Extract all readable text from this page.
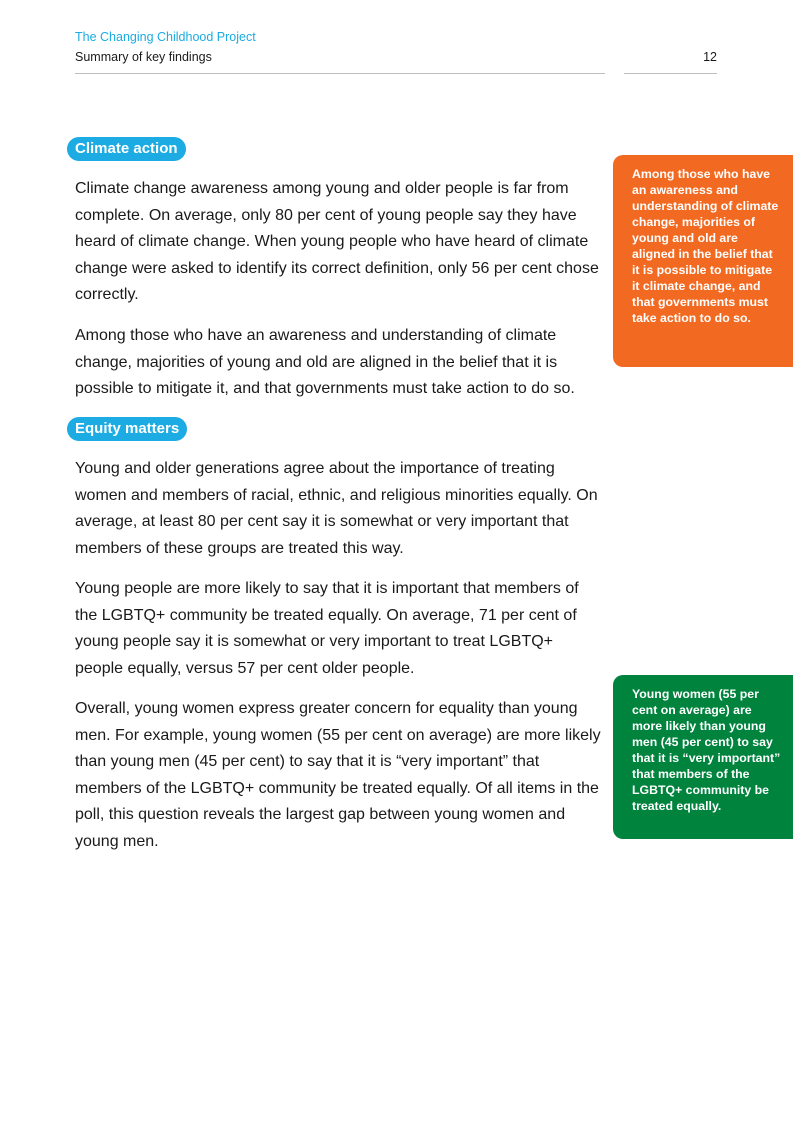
The Changing Childhood Project
Summary of key findings	12
Climate action

Climate change awareness among young and older people is far from complete. On average, only 80 per cent of young people say they have heard of climate change. When young people who have heard of climate change were asked to identify its correct definition, only 56 per cent chose correctly.

Among those who have an awareness and understanding of climate change, majorities of young and old are aligned in the belief that it is possible to mitigate it, and that governments must take action to do so.

Among those who have an awareness and understanding of climate change, majorities of young and old are aligned in the belief that it is possible to mitigate it climate change, and that governments must take action to do so.
Equity matters

Young and older generations agree about the importance of treating women and members of racial, ethnic, and religious minorities equally. On average, at least 80 per cent say it is somewhat or very important that members of these groups are treated this way.

Young people are more likely to say that it is important that members of the LGBTQ+ community be treated equally. On average, 71 per cent of young people say it is somewhat or very important to treat LGBTQ+ people equally, versus 57 per cent older people.

Overall, young women express greater concern for equality than young men. For example, young women (55 per cent on average) are more likely than young men (45 per cent) to say that it is “very important” that members of the LGBTQ+ community be treated equally. Of all items in the poll, this question reveals the largest gap between young women and young men.

Young women (55 per cent on average) are more likely than young men (45 per cent) to say that it is “very important” that members of the LGBTQ+ community be treated equally.
